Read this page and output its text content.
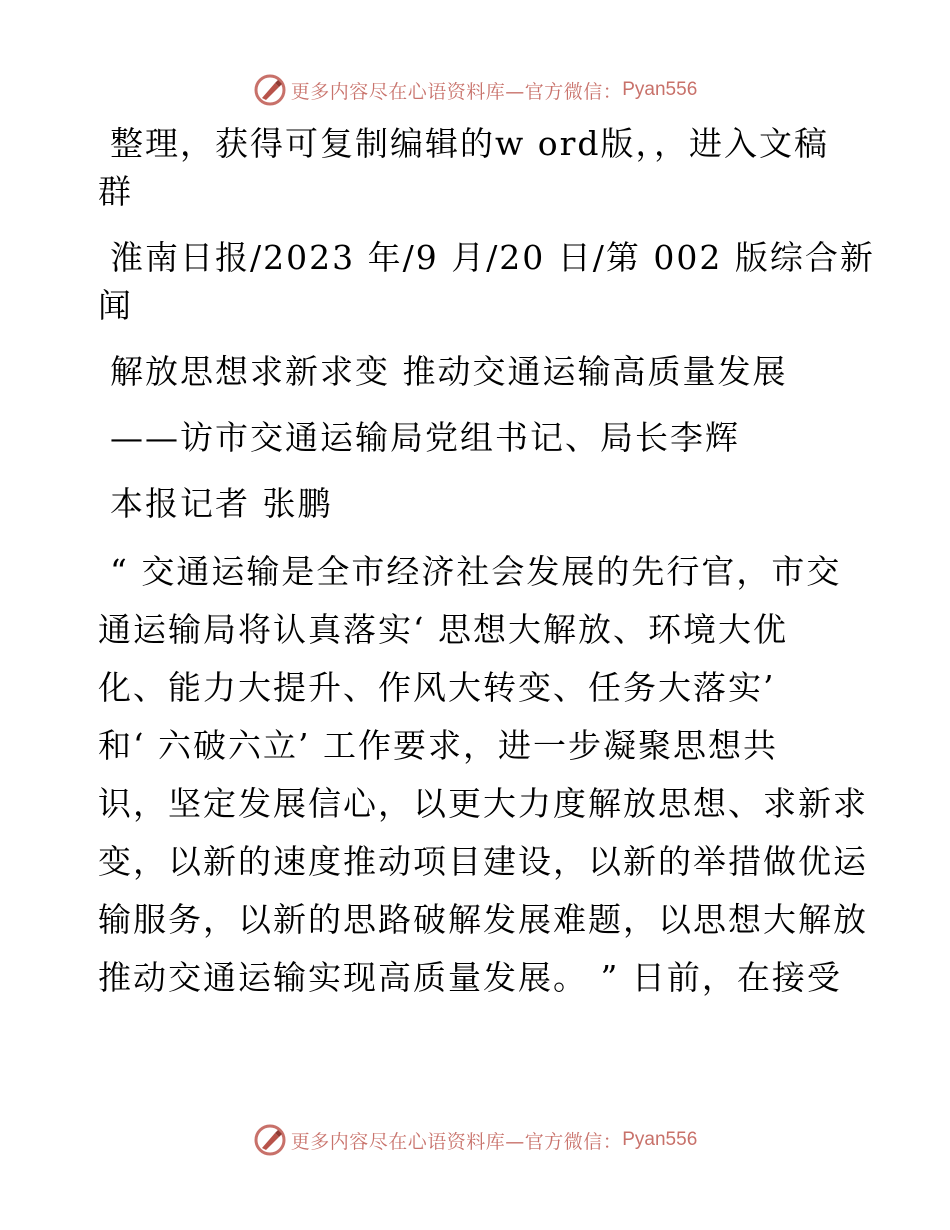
更多内容尽在心语资料库—官方微信： Pyan556

整理，获得可复制编辑的w ord版，，进入文稿
群

淮南日报/2023 年/9 月/20 日/第 002 版综合新
闻

解放思想求新求变 推动交通运输高质量发展

——访市交通运输局党组书记、局长李辉

本报记者 张鹏

“ 交通运输是全市经济社会发展的先行官，市交
通运输局将认真落实‘ 思想大解放、环境大优
化、能力大提升、作风大转变、任务大落实’
和‘ 六破六立’ 工作要求，进一步凝聚思想共
识，坚定发展信心，以更大力度解放思想、求新求
变，以新的速度推动项目建设，以新的举措做优运
输服务，以新的思路破解发展难题，以思想大解放
推动交通运输实现高质量发展。 ” 日前，在接受
更多内容尽在心语资料库—官方微信： Pyan556
